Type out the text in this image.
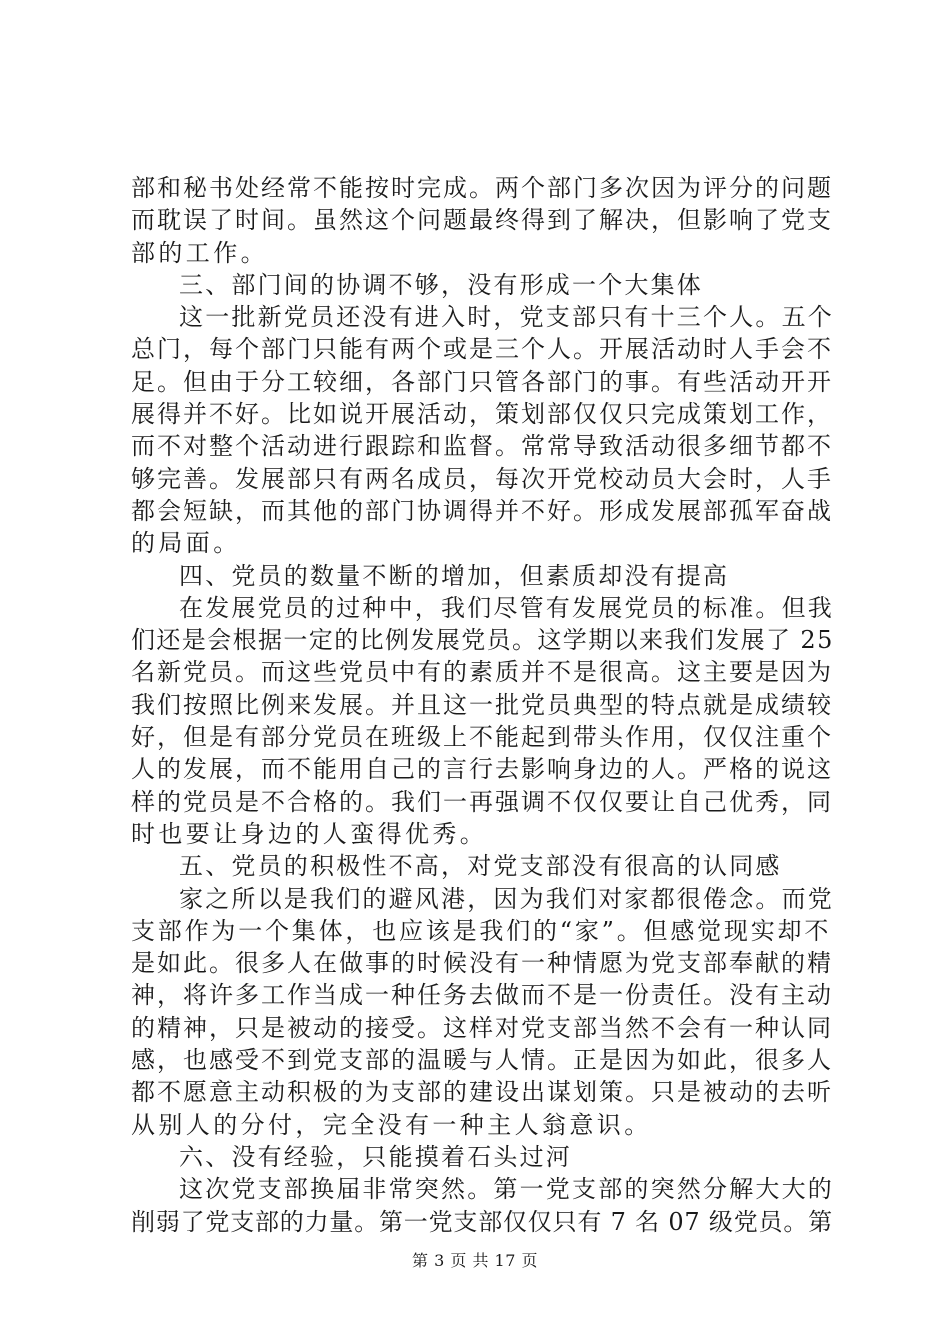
部和秘书处经常不能按时完成。两个部门多次因为评分的问题
而耽误了时间。虽然这个问题最终得到了解决，但影响了党支
部的工作。
三、部门间的协调不够，没有形成一个大集体
这一批新党员还没有进入时，党支部只有十三个人。五个
总门，每个部门只能有两个或是三个人。开展活动时人手会不
足。但由于分工较细，各部门只管各部门的事。有些活动开开
展得并不好。比如说开展活动，策划部仅仅只完成策划工作，
而不对整个活动进行跟踪和监督。常常导致活动很多细节都不
够完善。发展部只有两名成员，每次开党校动员大会时，人手
都会短缺，而其他的部门协调得并不好。形成发展部孤军奋战
的局面。
四、党员的数量不断的增加，但素质却没有提高
在发展党员的过种中，我们尽管有发展党员的标准。但我
们还是会根据一定的比例发展党员。这学期以来我们发展了 25
名新党员。而这些党员中有的素质并不是很高。这主要是因为
我们按照比例来发展。并且这一批党员典型的特点就是成绩较
好，但是有部分党员在班级上不能起到带头作用，仅仅注重个
人的发展，而不能用自己的言行去影响身边的人。严格的说这
样的党员是不合格的。我们一再强调不仅仅要让自己优秀，同
时也要让身边的人蛮得优秀。
五、党员的积极性不高，对党支部没有很高的认同感
家之所以是我们的避风港，因为我们对家都很倦念。而党
支部作为一个集体，也应该是我们的“家”。但感觉现实却不
是如此。很多人在做事的时候没有一种情愿为党支部奉献的精
神，将许多工作当成一种任务去做而不是一份责任。没有主动
的精神，只是被动的接受。这样对党支部当然不会有一种认同
感，也感受不到党支部的温暖与人情。正是因为如此，很多人
都不愿意主动积极的为支部的建设出谋划策。只是被动的去听
从别人的分付，完全没有一种主人翁意识。
六、没有经验，只能摸着石头过河
这次党支部换届非常突然。第一党支部的突然分解大大的
削弱了党支部的力量。第一党支部仅仅只有 7 名 07 级党员。第
第 3 页 共 17 页
